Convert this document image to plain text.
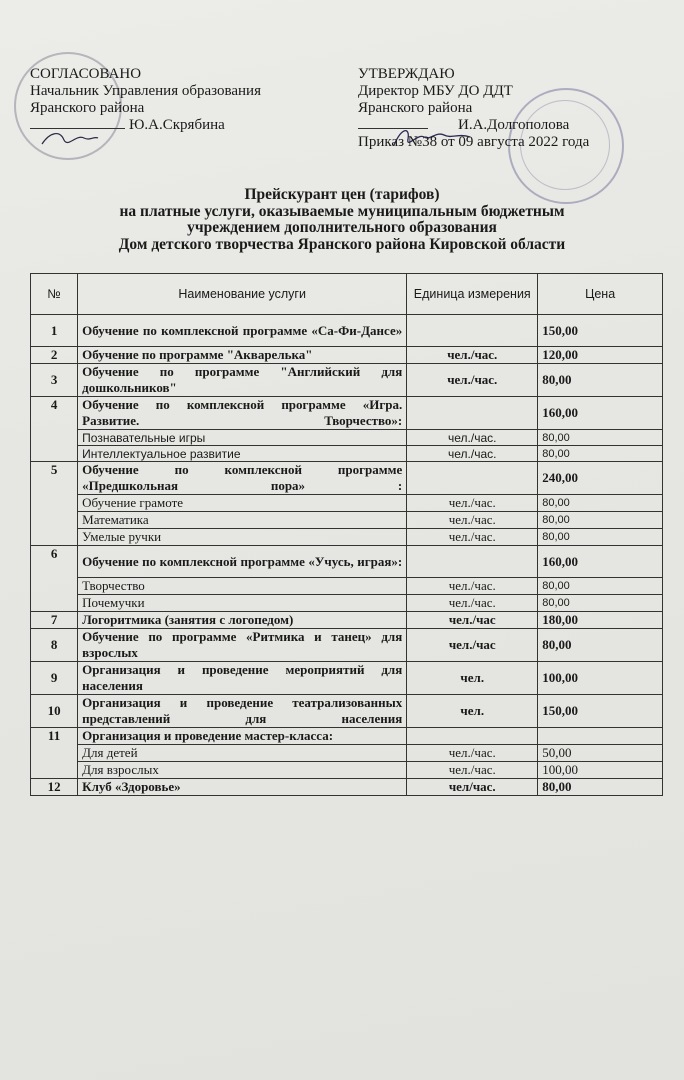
СОГЛАСОВАНО
Начальник Управления образования
Яранского района
Ю.А.Скрябина
УТВЕРЖДАЮ
Директор МБУ ДО ДДТ
Яранского района
И.А.Долгополова
Приказ №38 от 09 августа 2022 года
Прейскурант цен (тарифов)
на платные услуги, оказываемые муниципальным бюджетным
учреждением дополнительного образования
Дом детского творчества Яранского района Кировской области
№	Наименование услуги	Единица измерения	Цена
1	Обучение по комплексной программе «Са-Фи-Дансе»		150,00
2	Обучение по программе "Акварелька"	чел./час.	120,00
3	Обучение по программе "Английский для дошкольников"	чел./час.	80,00
4	Обучение по комплексной программе «Игра. Развитие. Творчество»:		160,00
	Познавательные игры	чел./час.	80,00
	Интеллектуальное развитие	чел./час.	80,00
5	Обучение по комплексной программе «Предшкольная пора» :		240,00
	Обучение грамоте	чел./час.	80,00
	Математика	чел./час.	80,00
	Умелые ручки	чел./час.	80,00
6	Обучение по комплексной программе «Учусь, играя»:		160,00
	Творчество	чел./час.	80,00
	Почемучки	чел./час.	80,00
7	Логоритмика (занятия с логопедом)	чел./час	180,00
8	Обучение по программе «Ритмика и танец» для взрослых	чел./час	80,00
9	Организация и проведение мероприятий для населения	чел.	100,00
10	Организация и проведение театрализованных представлений для населения	чел.	150,00
11	Организация и проведение мастер-класса:		
	Для детей	чел./час.	50,00
	Для взрослых	чел./час.	100,00
12	Клуб «Здоровье»	чел/час.	80,00
